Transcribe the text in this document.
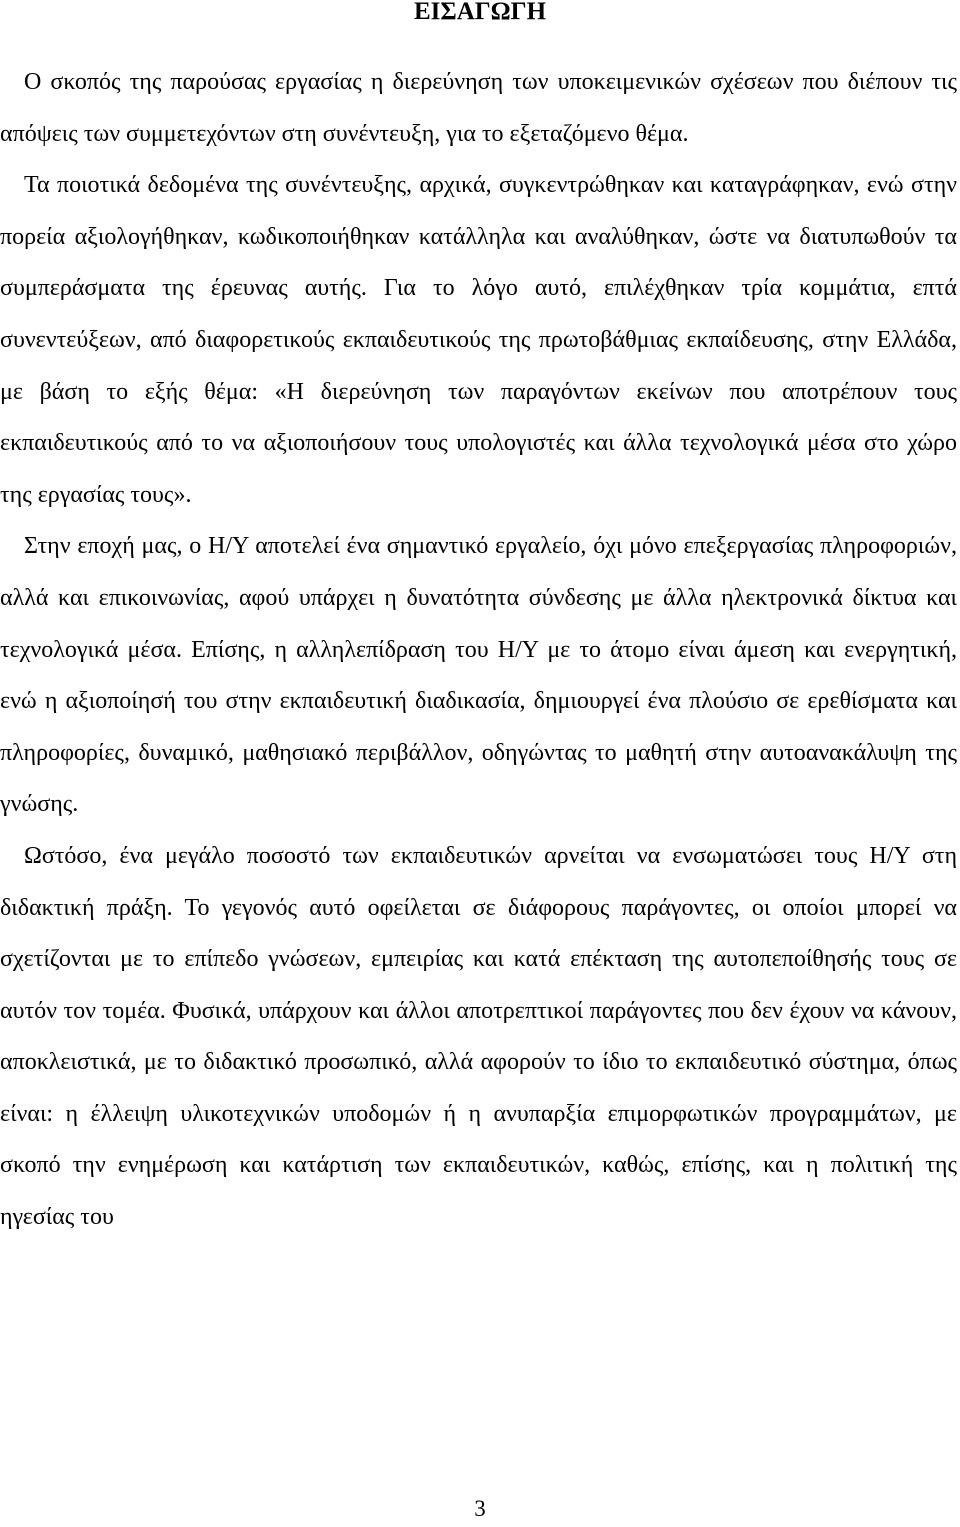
ΕΙΣΑΓΩΓΗ

Ο σκοπός της παρούσας εργασίας η διερεύνηση των υποκειμενικών σχέσεων που διέπουν τις απόψεις των συμμετεχόντων στη συνέντευξη, για το εξεταζόμενο θέμα.

Τα ποιοτικά δεδομένα της συνέντευξης, αρχικά, συγκεντρώθηκαν και καταγράφηκαν, ενώ στην πορεία αξιολογήθηκαν, κωδικοποιήθηκαν κατάλληλα και αναλύθηκαν, ώστε να διατυπωθούν τα συμπεράσματα της έρευνας αυτής. Για το λόγο αυτό, επιλέχθηκαν τρία κομμάτια, επτά συνεντεύξεων, από διαφορετικούς εκπαιδευτικούς της πρωτοβάθμιας εκπαίδευσης, στην Ελλάδα, με βάση το εξής θέμα: «Η διερεύνηση των παραγόντων εκείνων που αποτρέπουν τους εκπαιδευτικούς από το να αξιοποιήσουν τους υπολογιστές και άλλα τεχνολογικά μέσα στο χώρο της εργασίας τους».

Στην εποχή μας, ο Η/Υ αποτελεί ένα σημαντικό εργαλείο, όχι μόνο επεξεργασίας πληροφοριών, αλλά και επικοινωνίας, αφού υπάρχει η δυνατότητα σύνδεσης με άλλα ηλεκτρονικά δίκτυα και τεχνολογικά μέσα. Επίσης, η αλληλεπίδραση του Η/Υ με το άτομο είναι άμεση και ενεργητική, ενώ η αξιοποίησή του στην εκπαιδευτική διαδικασία, δημιουργεί ένα πλούσιο σε ερεθίσματα και πληροφορίες, δυναμικό, μαθησιακό περιβάλλον, οδηγώντας το μαθητή στην αυτοανακάλυψη της γνώσης.

Ωστόσο, ένα μεγάλο ποσοστό των εκπαιδευτικών αρνείται να ενσωματώσει τους Η/Υ στη διδακτική πράξη. Το γεγονός αυτό οφείλεται σε διάφορους παράγοντες, οι οποίοι μπορεί να σχετίζονται με το επίπεδο γνώσεων, εμπειρίας και κατά επέκταση της αυτοπεποίθησής τους σε αυτόν τον τομέα. Φυσικά, υπάρχουν και άλλοι αποτρεπτικοί παράγοντες που δεν έχουν να κάνουν, αποκλειστικά, με το διδακτικό προσωπικό, αλλά αφορούν το ίδιο το εκπαιδευτικό σύστημα, όπως είναι: η έλλειψη υλικοτεχνικών υποδομών ή η ανυπαρξία επιμορφωτικών προγραμμάτων, με σκοπό την ενημέρωση και κατάρτιση των εκπαιδευτικών, καθώς, επίσης, και η πολιτική της ηγεσίας του

3
